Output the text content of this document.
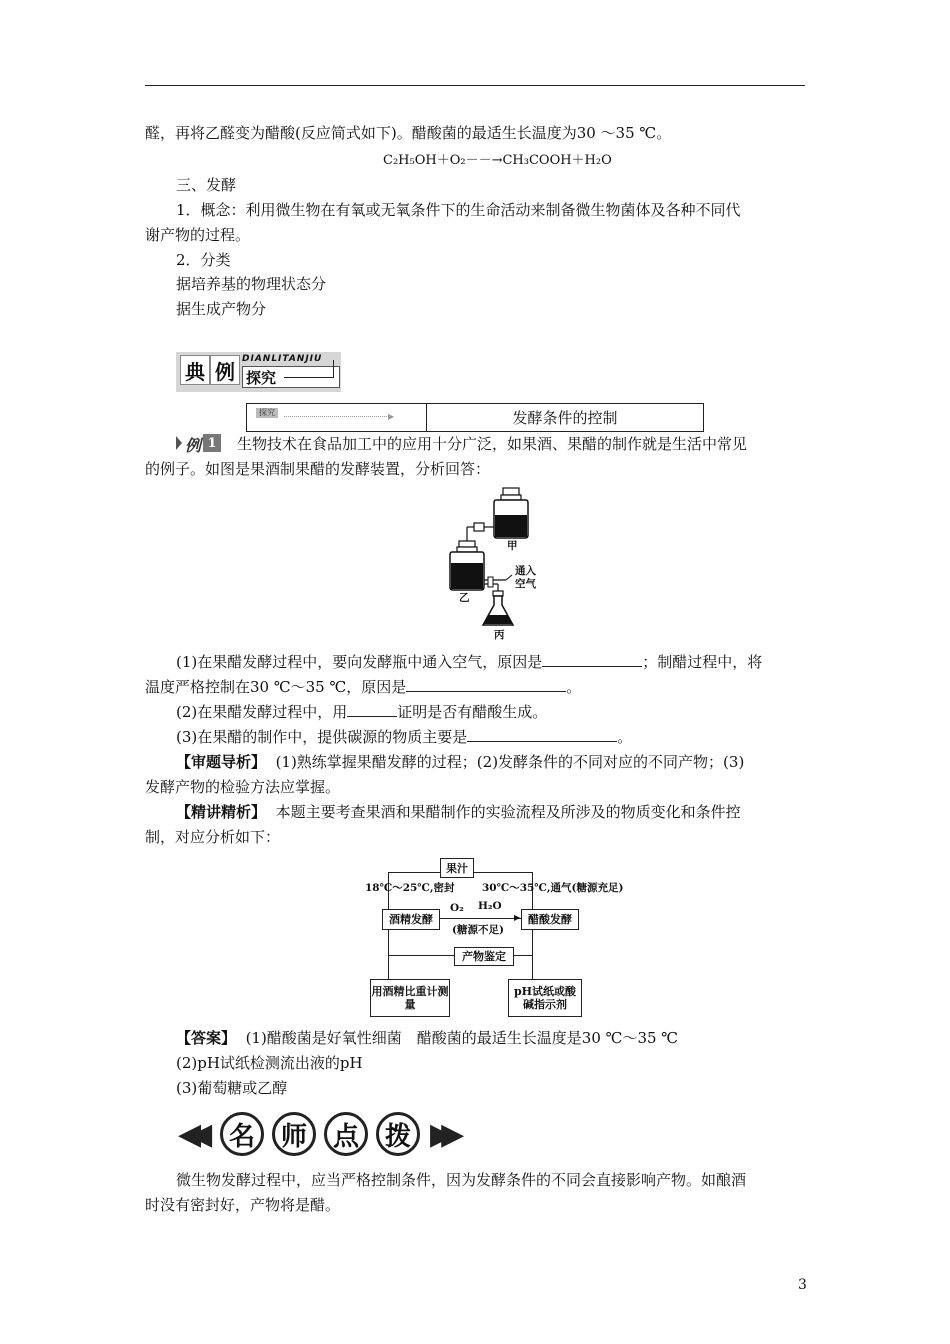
醛，再将乙醛变为醋酸(反应简式如下)。醋酸菌的最适生长温度为30 ～35 ℃。
C₂H₅OH＋O₂－－→CH₃COOH＋H₂O
三、发酵
1．概念：利用微生物在有氧或无氧条件下的生命活动来制备微生物菌体及各种不同代
谢产物的过程。
2．分类
据培养基的物理状态分
据生成产物分
典 例
DIANLITANJIU
探究
探究	▶	发酵条件的控制
例 1 生物技术在食品加工中的应用十分广泛，如果酒、果醋的制作就是生活中常见
的例子。如图是果酒制果醋的发酵装置，分析回答：
甲
乙
丙
通入
空气
(1)在果醋发酵过程中，要向发酵瓶中通入空气，原因是	；制醋过程中，将
温度严格控制在30 ℃～35 ℃，原因是	。
(2)在果醋发酵过程中，用	证明是否有醋酸生成。
(3)在果醋的制作中，提供碳源的物质主要是	。
【审题导析】 (1)熟练掌握果醋发酵的过程；(2)发酵条件的不同对应的不同产物；(3)
发酵产物的检验方法应掌握。
【精讲精析】 本题主要考查果酒和果醋制作的实验流程及所涉及的物质变化和条件控
制，对应分析如下：
果汁
18℃～25℃,密封	30℃～35℃,通气(糖源充足)
酒精发酵	醋酸发酵
▶
O₂ H₂O
(糖源不足)
产物鉴定
用酒精比重计测量
pH试纸或酸碱指示剂
【答案】 (1)醋酸菌是好氧性细菌　醋酸菌的最适生长温度是30 ℃～35 ℃
(2)pH试纸检测流出液的pH
(3)葡萄糖或乙醇
◀◀	名 师 点 拨 ▶▶
微生物发酵过程中，应当严格控制条件，因为发酵条件的不同会直接影响产物。如酿酒
时没有密封好，产物将是醋。
3
